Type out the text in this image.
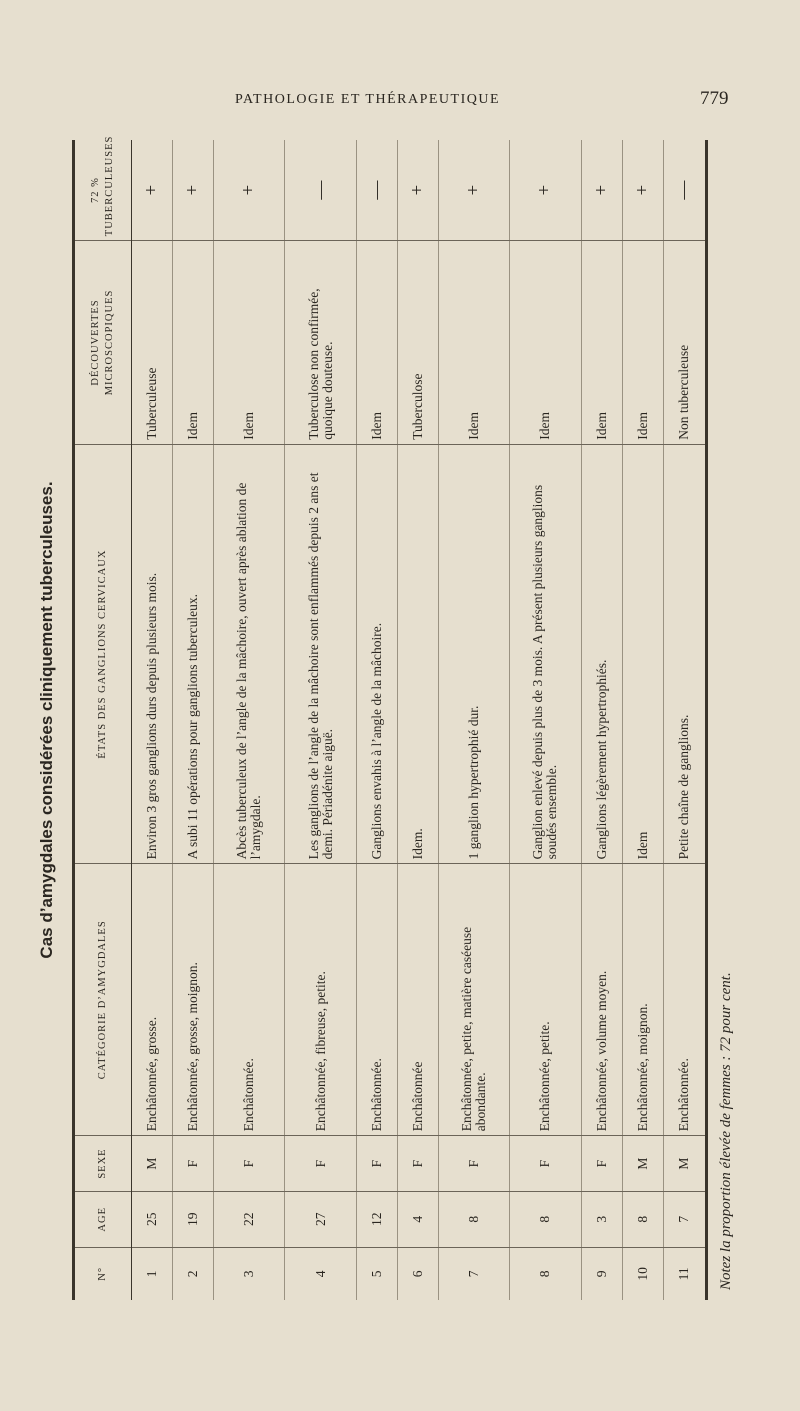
PATHOLOGIE ET THÉRAPEUTIQUE	779
Cas d’amygdales considérées cliniquement tuberculeuses.
N°	AGE	SEXE	CATÉGORIE D’AMYGDALES	ÉTATS DES GANGLIONS CERVICAUX	DÉCOUVERTES MICROSCOPIQUES	72 % TUBERCULEUSES
1	25	M	Enchâtonnée, grosse.	Environ 3 gros ganglions durs depuis plusieurs mois.	Tuberculeuse	+
2	19	F	Enchâtonnée, grosse, moignon.	A subi 11 opérations pour ganglions tuberculeux.	Idem	+
3	22	F	Enchâtonnée.	Abcès tuberculeux de l’angle de la mâchoire, ouvert après ablation de l’amygdale.	Idem	+
4	27	F	Enchâtonnée, fibreuse, petite.	Les ganglions de l’angle de la mâchoire sont enflammés depuis 2 ans et demi. Périadénite aiguë.	Tuberculose non confirmée, quoique douteuse.	—
5	12	F	Enchâtonnée.	Ganglions envahis à l’angle de la mâchoire.	Idem	—
6	4	F	Enchâtonnée	Idem.	Tuberculose	+
7	8	F	Enchâtonnée, petite, matière caséeuse abondante.	1 ganglion hypertrophié dur.	Idem	+
8	8	F	Enchâtonnée, petite.	Ganglion enlevé depuis plus de 3 mois. A présent plusieurs ganglions soudés ensemble.	Idem	+
9	3	F	Enchâtonnée, volume moyen.	Ganglions légèrement hypertrophiés.	Idem	+
10	8	M	Enchâtonnée, moignon.	Idem	Idem	+
11	7	M	Enchâtonnée.	Petite chaîne de ganglions.	Non tuberculeuse	—
Notez la proportion élevée de femmes : 72 pour cent.
